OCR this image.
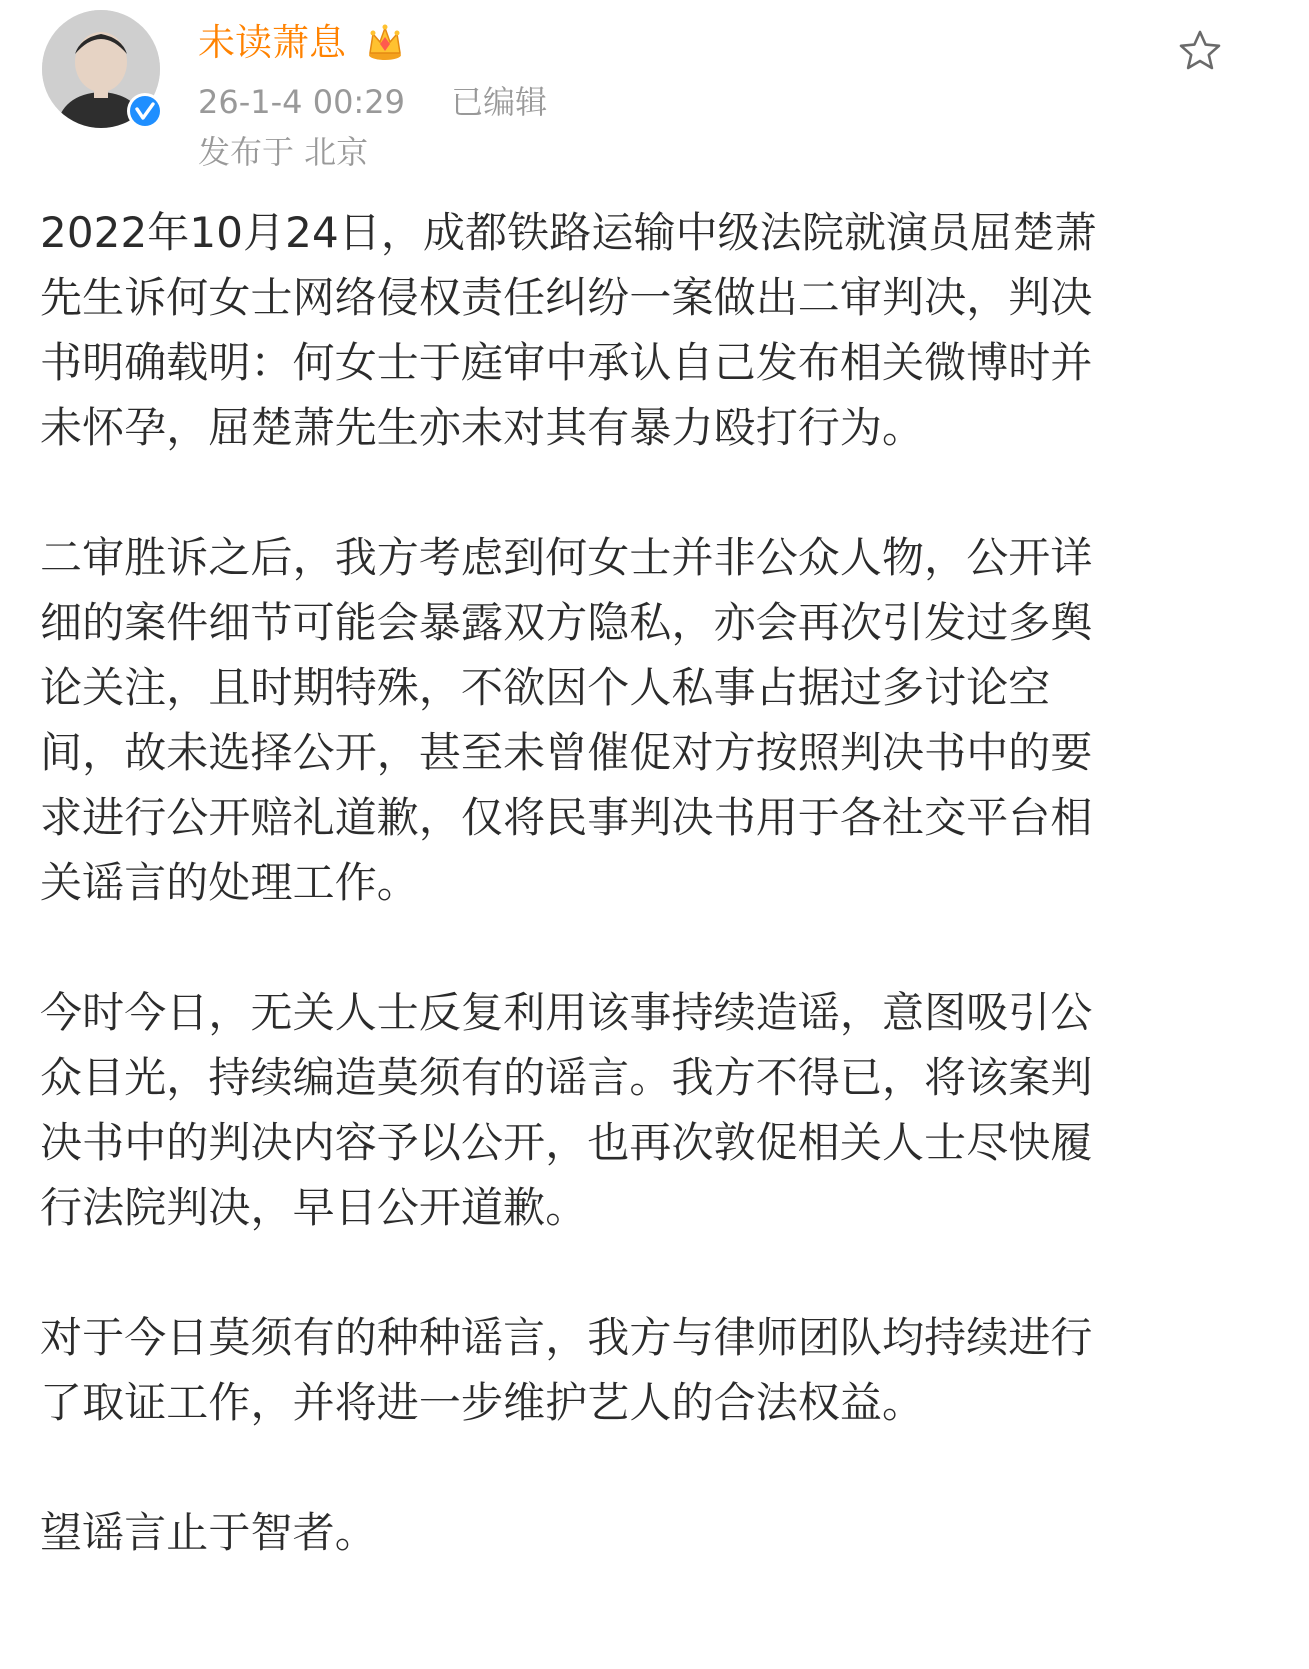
未读萧息
26-1-4 00:29 已编辑
发布于 北京

2022年10月24日，成都铁路运输中级法院就演员屈楚萧
先生诉何女士网络侵权责任纠纷一案做出二审判决，判决
书明确载明：何女士于庭审中承认自己发布相关微博时并
未怀孕，屈楚萧先生亦未对其有暴力殴打行为。

二审胜诉之后，我方考虑到何女士并非公众人物，公开详
细的案件细节可能会暴露双方隐私，亦会再次引发过多舆
论关注，且时期特殊，不欲因个人私事占据过多讨论空
间，故未选择公开，甚至未曾催促对方按照判决书中的要
求进行公开赔礼道歉，仅将民事判决书用于各社交平台相
关谣言的处理工作。

今时今日，无关人士反复利用该事持续造谣，意图吸引公
众目光，持续编造莫须有的谣言。我方不得已，将该案判
决书中的判决内容予以公开，也再次敦促相关人士尽快履
行法院判决，早日公开道歉。

对于今日莫须有的种种谣言，我方与律师团队均持续进行
了取证工作，并将进一步维护艺人的合法权益。

望谣言止于智者。
